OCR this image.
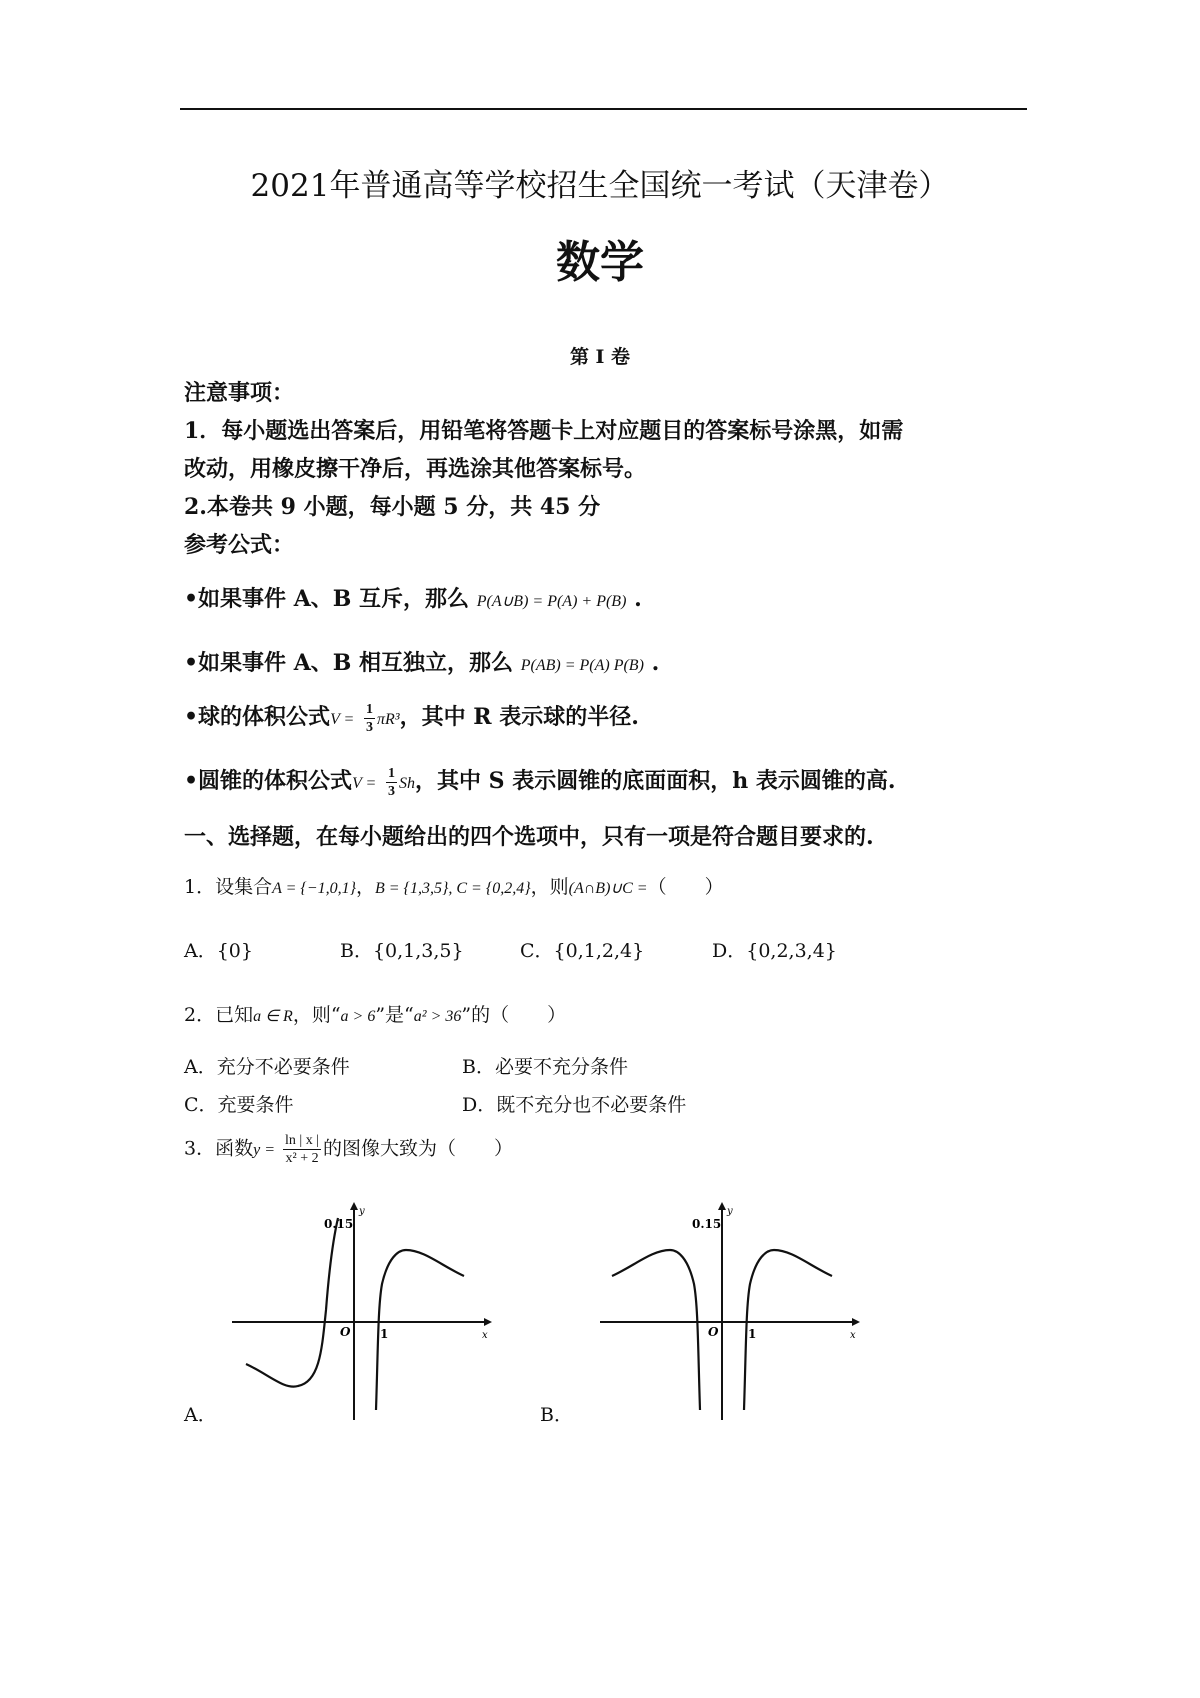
2021年普通高等学校招生全国统一考试（天津卷）
数学
第 I 卷
注意事项：
1．每小题选出答案后，用铅笔将答题卡上对应题目的答案标号涂黑，如需
改动，用橡皮擦干净后，再选涂其他答案标号。
2.本卷共 9 小题，每小题 5 分，共 45 分
参考公式：
•如果事件 A、B 互斥，那么 P(A∪B) = P(A) + P(B) .
•如果事件 A、B 相互独立，那么 P(AB) = P(A) P(B) .
•球的体积公式$V = \frac{1}{3} \pi R^3$，其中 R 表示球的半径.
•圆锥的体积公式$V = \frac{1}{3}$ Sh，其中 S 表示圆锥的底面面积，h 表示圆锥的高.
一、选择题，在每小题给出的四个选项中，只有一项是符合题目要求的.
1．设集合A = {−1,0,1}，B = {1,3,5}, C = {0,2,4}，则(A∩B)∪C =（　　）
A．{0}	B．{0,1,3,5}	C．{0,1,2,4}	D．{0,2,3,4}
2．已知a ∈ R，则“a > 6”是“a² > 36”的（　　）
A．充分不必要条件	B．必要不充分条件
C．充要条件	D．既不充分也不必要条件
3．函数$y = \frac{\ln | x |}{\text{x² + 2}}$ 的图像大致为（　　）
0.15
O 1	x
y
A．
0.15
O 1	x
y
B．
